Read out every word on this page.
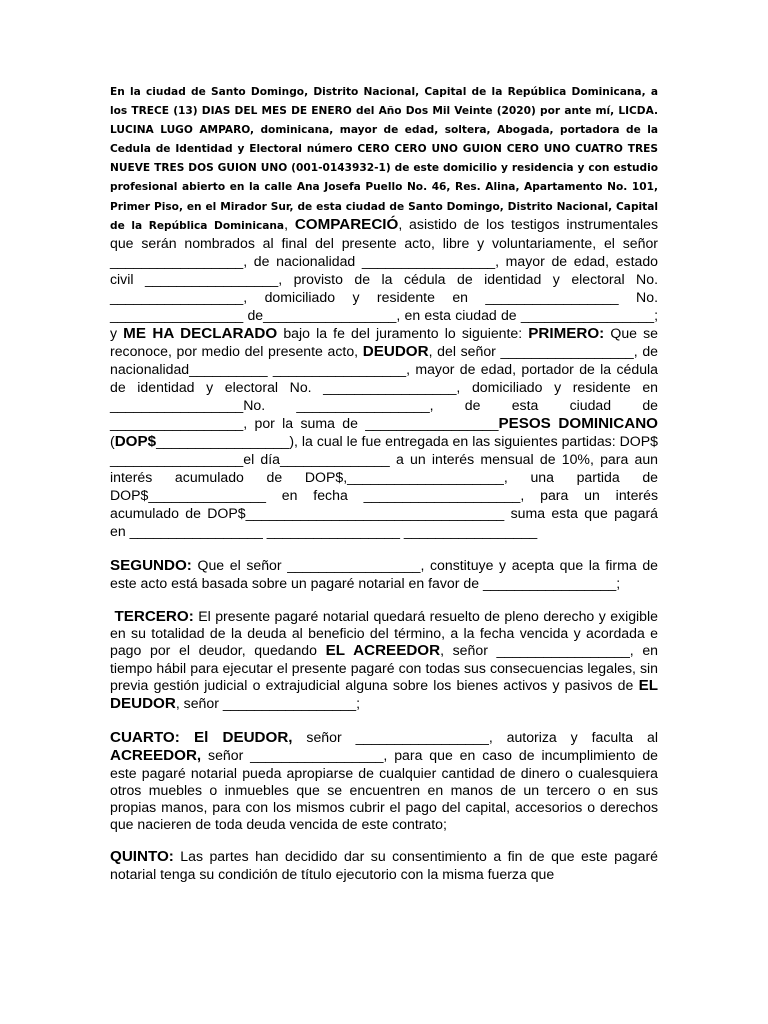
En la ciudad de Santo Domingo, Distrito Nacional, Capital de la República Dominicana, a los TRECE (13) DIAS DEL MES DE ENERO del Año Dos Mil Veinte (2020) por ante mí, LICDA. LUCINA LUGO AMPARO, dominicana, mayor de edad, soltera, Abogada, portadora de la Cedula de Identidad y Electoral número CERO CERO UNO GUION CERO UNO CUATRO TRES NUEVE TRES DOS GUION UNO (001-0143932-1) de este domicilio y residencia y con estudio profesional abierto en la calle Ana Josefa Puello No. 46, Res. Alina, Apartamento No. 101, Primer Piso, en el Mirador Sur, de esta ciudad de Santo Domingo, Distrito Nacional, Capital de la República Dominicana, COMPARECIÓ, asistido de los testigos instrumentales que serán nombrados al final del presente acto, libre y voluntariamente, el señor _________________, de nacionalidad _________________, mayor de edad, estado civil _________________, provisto de la cédula de identidad y electoral No. _________________, domiciliado y residente en _________________ No. _________________ de_________________, en esta ciudad de _________________; y ME HA DECLARADO bajo la fe del juramento lo siguiente: PRIMERO: Que se reconoce, por medio del presente acto, DEUDOR, del señor _________________, de nacionalidad__________ _________________, mayor de edad, portador de la cédula de identidad y electoral No. _________________, domiciliado y residente en _________________No. _________________, de esta ciudad de _________________, por la suma de _________________PESOS DOMINICANO (DOP$_________________), la cual le fue entregada en las siguientes partidas: DOP$ _________________el día______________ a un interés mensual de 10%, para aun interés acumulado de DOP$,____________________, una partida de DOP$_______________ en fecha ____________________, para un interés acumulado de DOP$_________________________________ suma esta que pagará en _________________ _________________ _________________

SEGUNDO: Que el señor _________________, constituye y acepta que la firma de este acto está basada sobre un pagaré notarial en favor de _________________;

TERCERO: El presente pagaré notarial quedará resuelto de pleno derecho y exigible en su totalidad de la deuda al beneficio del término, a la fecha vencida y acordada e pago por el deudor, quedando EL ACREEDOR, señor _________________, en tiempo hábil para ejecutar el presente pagaré con todas sus consecuencias legales, sin previa gestión judicial o extrajudicial alguna sobre los bienes activos y pasivos de EL DEUDOR, señor _________________;

CUARTO: El DEUDOR, señor _________________, autoriza y faculta al ACREEDOR, señor _________________, para que en caso de incumplimiento de este pagaré notarial pueda apropiarse de cualquier cantidad de dinero o cualesquiera otros muebles o inmuebles que se encuentren en manos de un tercero o en sus propias manos, para con los mismos cubrir el pago del capital, accesorios o derechos que nacieren de toda deuda vencida de este contrato;

QUINTO: Las partes han decidido dar su consentimiento a fin de que este pagaré notarial tenga su condición de título ejecutorio con la misma fuerza que
